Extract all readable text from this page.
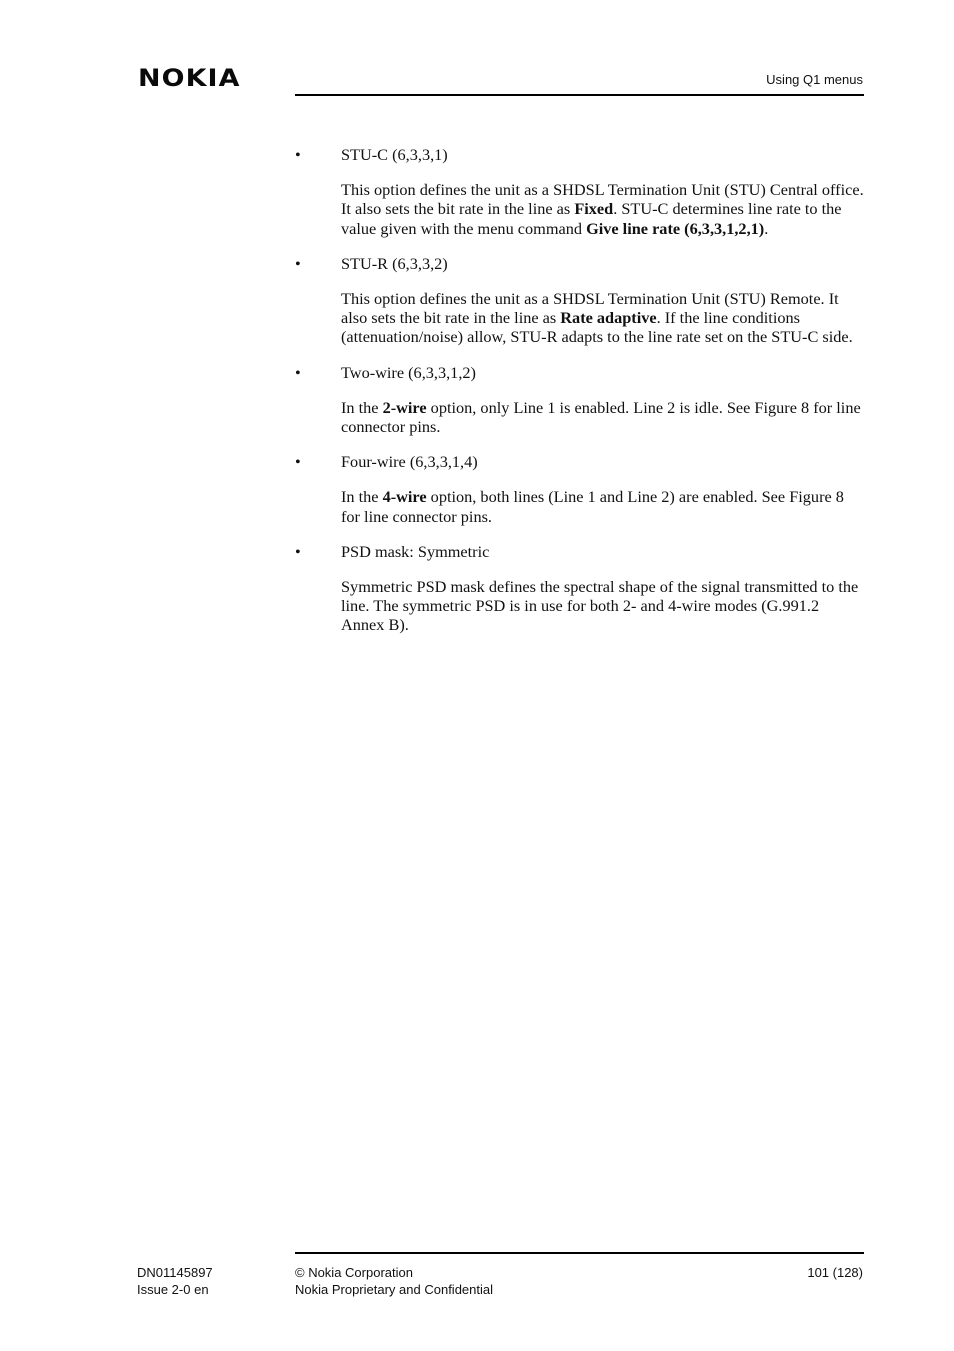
NOKIA	Using Q1 menus

• STU-C (6,3,3,1)

This option defines the unit as a SHDSL Termination Unit (STU) Central office. It also sets the bit rate in the line as Fixed. STU-C determines line rate to the value given with the menu command Give line rate (6,3,3,1,2,1).

• STU-R (6,3,3,2)

This option defines the unit as a SHDSL Termination Unit (STU) Remote. It also sets the bit rate in the line as Rate adaptive. If the line conditions (attenuation/noise) allow, STU-R adapts to the line rate set on the STU-C side.

• Two-wire (6,3,3,1,2)

In the 2-wire option, only Line 1 is enabled. Line 2 is idle. See Figure 8 for line connector pins.

• Four-wire (6,3,3,1,4)

In the 4-wire option, both lines (Line 1 and Line 2) are enabled. See Figure 8 for line connector pins.

• PSD mask: Symmetric

Symmetric PSD mask defines the spectral shape of the signal transmitted to the line. The symmetric PSD is in use for both 2- and 4-wire modes (G.991.2 Annex B).

DN01145897
Issue 2-0 en
© Nokia Corporation
Nokia Proprietary and Confidential
101 (128)
